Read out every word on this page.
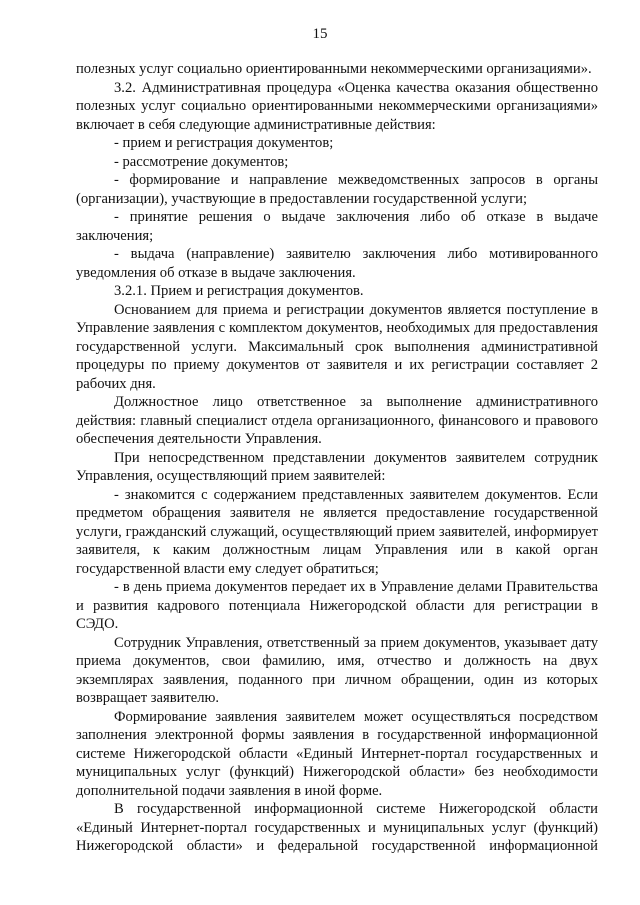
15

полезных услуг социально ориентированными некоммерческими организациями».

3.2. Административная процедура «Оценка качества оказания общественно полезных услуг социально ориентированными некоммерческими организациями» включает в себя следующие административные действия:

- прием и регистрация документов;

- рассмотрение документов;

- формирование и направление межведомственных запросов в органы (организации), участвующие в предоставлении государственной услуги;

- принятие решения о выдаче заключения либо об отказе в выдаче заключения;

- выдача (направление) заявителю заключения либо мотивированного уведомления об отказе в выдаче заключения.

3.2.1. Прием и регистрация документов.

Основанием для приема и регистрации документов является поступление в Управление заявления с комплектом документов, необходимых для предоставления государственной услуги. Максимальный срок выполнения административной процедуры по приему документов от заявителя и их регистрации составляет 2 рабочих дня.

Должностное лицо ответственное за выполнение административного действия: главный специалист отдела организационного, финансового и правового обеспечения деятельности Управления.

При непосредственном представлении документов заявителем сотрудник Управления, осуществляющий прием заявителей:

- знакомится с содержанием представленных заявителем документов. Если предметом обращения заявителя не является предоставление государственной услуги, гражданский служащий, осуществляющий прием заявителей, информирует заявителя, к каким должностным лицам Управления или в какой орган государственной власти ему следует обратиться;

- в день приема документов передает их в Управление делами Правительства и развития кадрового потенциала Нижегородской области для регистрации в СЭДО.

Сотрудник Управления, ответственный за прием документов, указывает дату приема документов, свои фамилию, имя, отчество и должность на двух экземплярах заявления, поданного при личном обращении, один из которых возвращает заявителю.

Формирование заявления заявителем может осуществляться посредством заполнения электронной формы заявления в государственной информационной системе Нижегородской области «Единый Интернет-портал государственных и муниципальных услуг (функций) Нижегородской области» без необходимости дополнительной подачи заявления в иной форме.

В государственной информационной системе Нижегородской области «Единый Интернет-портал государственных и муниципальных услуг (функций) Нижегородской области» и федеральной государственной информационной
